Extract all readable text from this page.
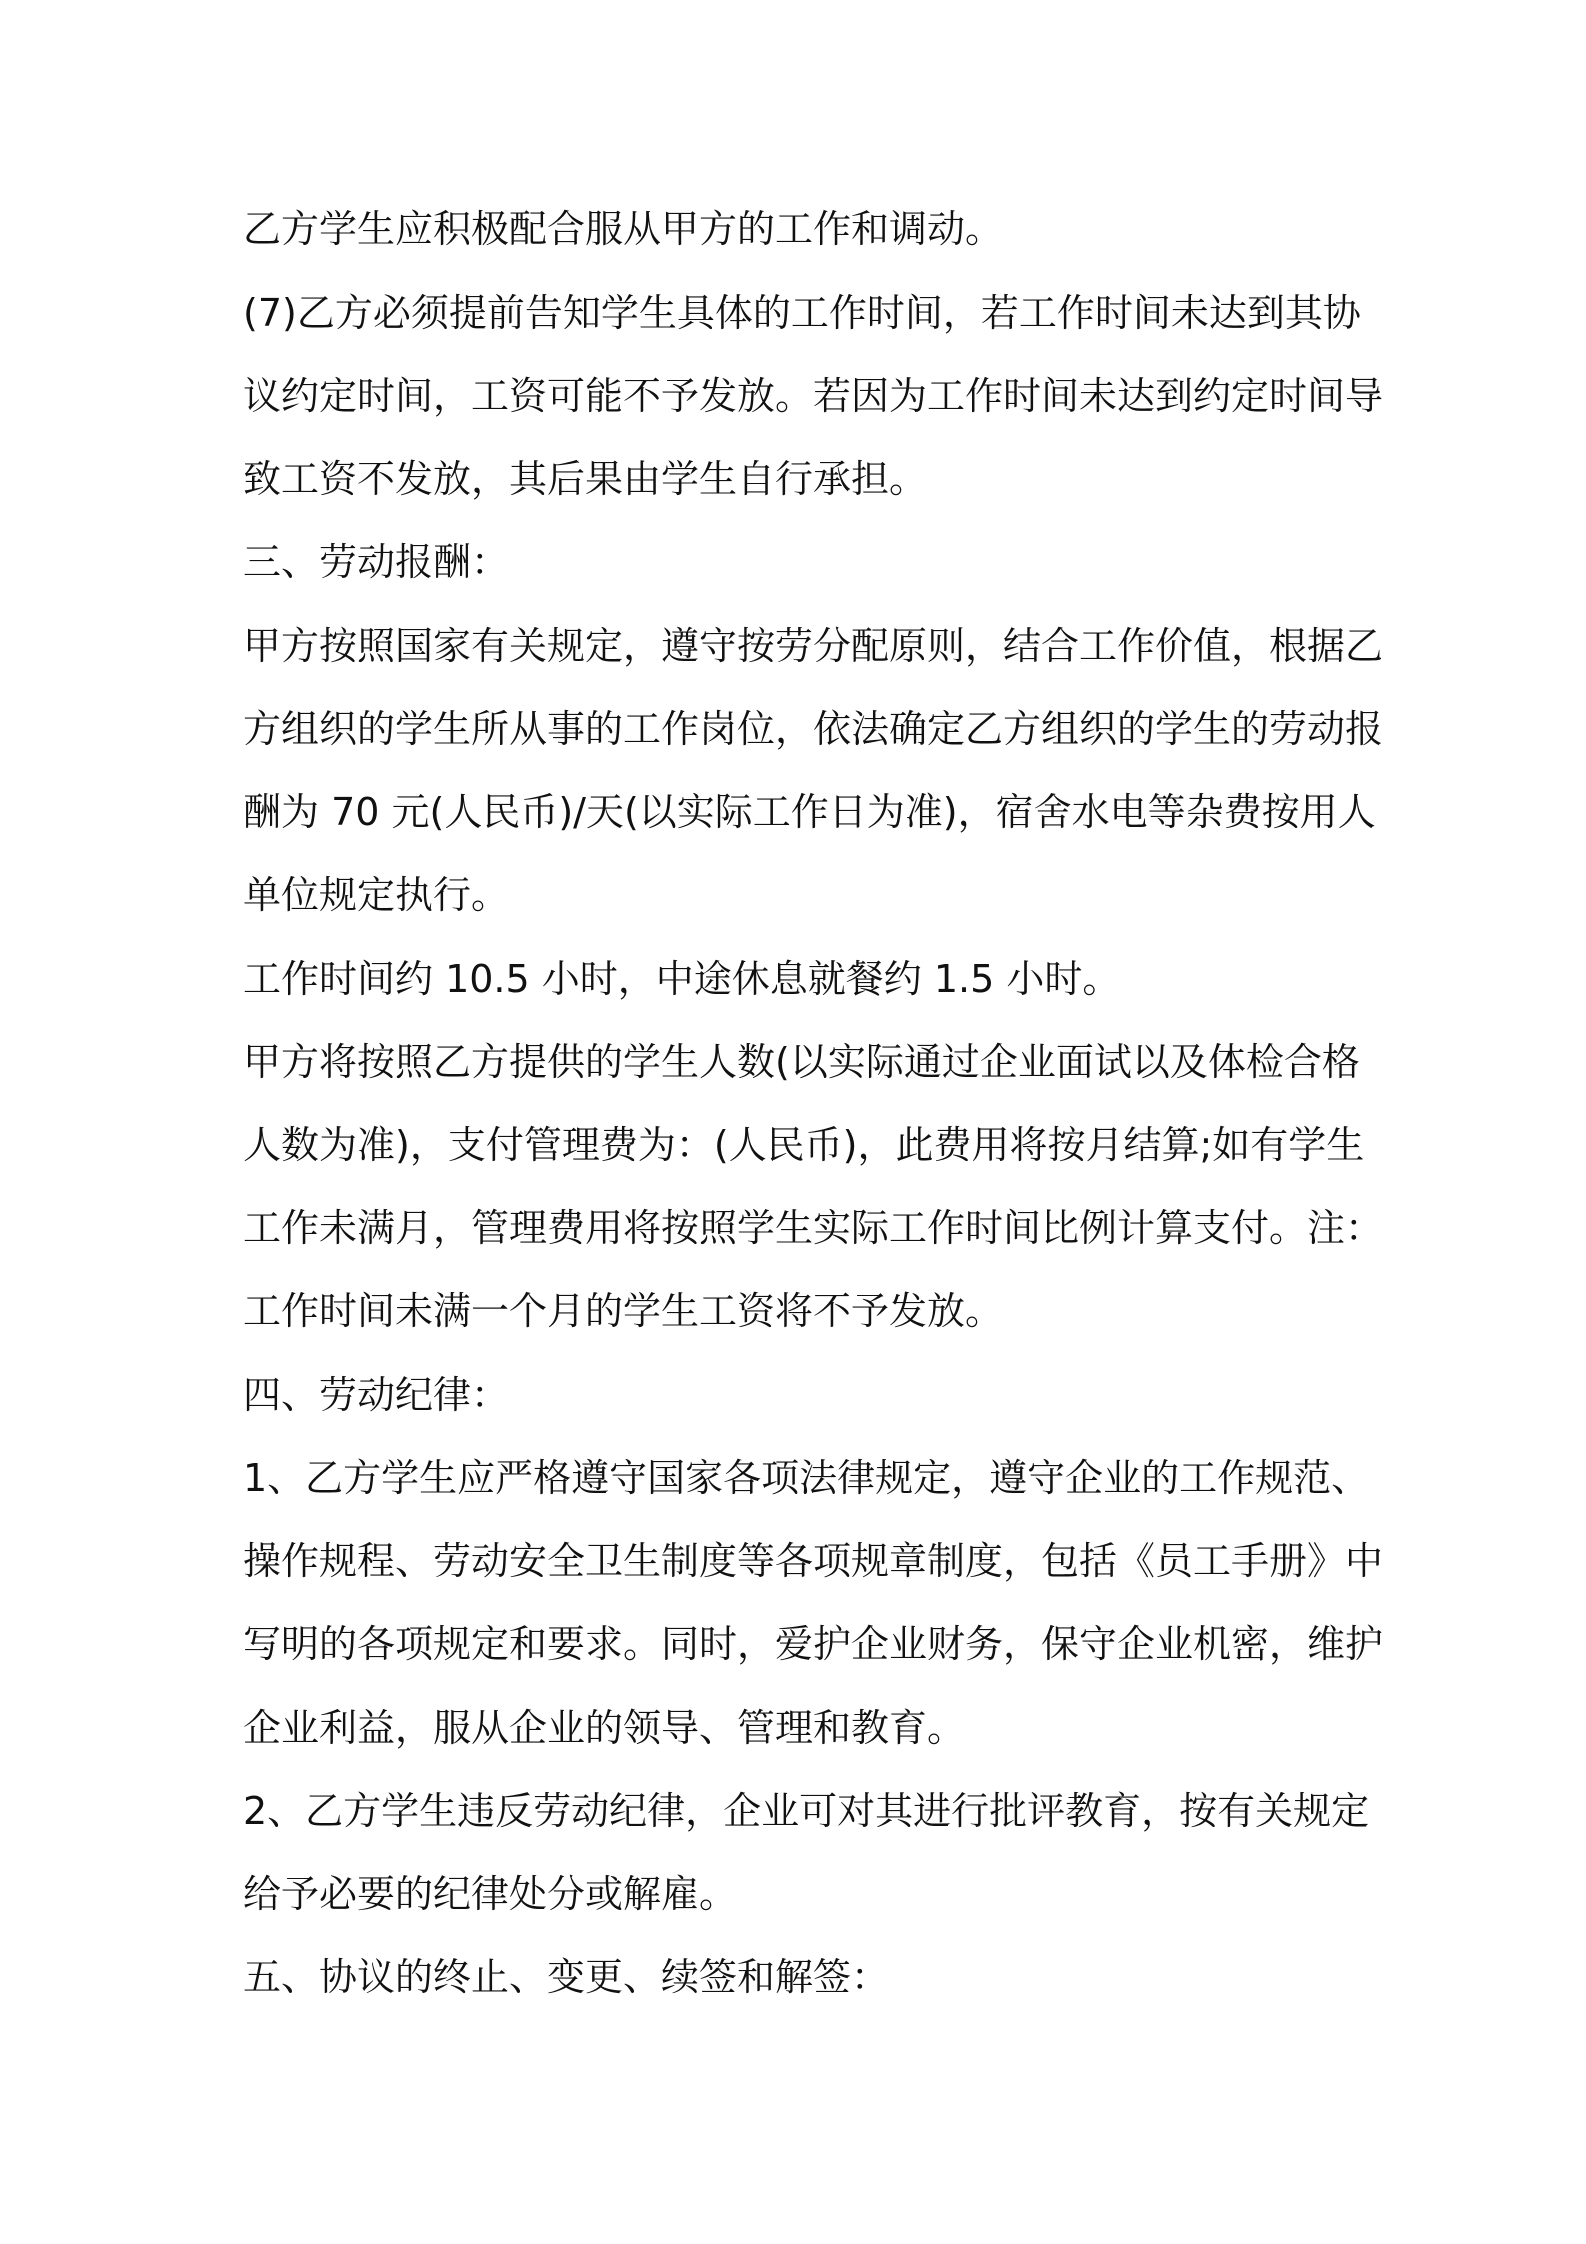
乙方学生应积极配合服从甲方的工作和调动。
(7)乙方必须提前告知学生具体的工作时间，若工作时间未达到其协
议约定时间，工资可能不予发放。若因为工作时间未达到约定时间导
致工资不发放，其后果由学生自行承担。
三、劳动报酬：
甲方按照国家有关规定，遵守按劳分配原则，结合工作价值，根据乙
方组织的学生所从事的工作岗位，依法确定乙方组织的学生的劳动报
酬为 70 元(人民币)/天(以实际工作日为准)，宿舍水电等杂费按用人
单位规定执行。
工作时间约 10.5 小时，中途休息就餐约 1.5 小时。
甲方将按照乙方提供的学生人数(以实际通过企业面试以及体检合格
人数为准)，支付管理费为：(人民币)，此费用将按月结算;如有学生
工作未满月，管理费用将按照学生实际工作时间比例计算支付。注：
工作时间未满一个月的学生工资将不予发放。
四、劳动纪律：
1、乙方学生应严格遵守国家各项法律规定，遵守企业的工作规范、
操作规程、劳动安全卫生制度等各项规章制度，包括《员工手册》中
写明的各项规定和要求。同时，爱护企业财务，保守企业机密，维护
企业利益，服从企业的领导、管理和教育。
2、乙方学生违反劳动纪律，企业可对其进行批评教育，按有关规定
给予必要的纪律处分或解雇。
五、协议的终止、变更、续签和解签：
